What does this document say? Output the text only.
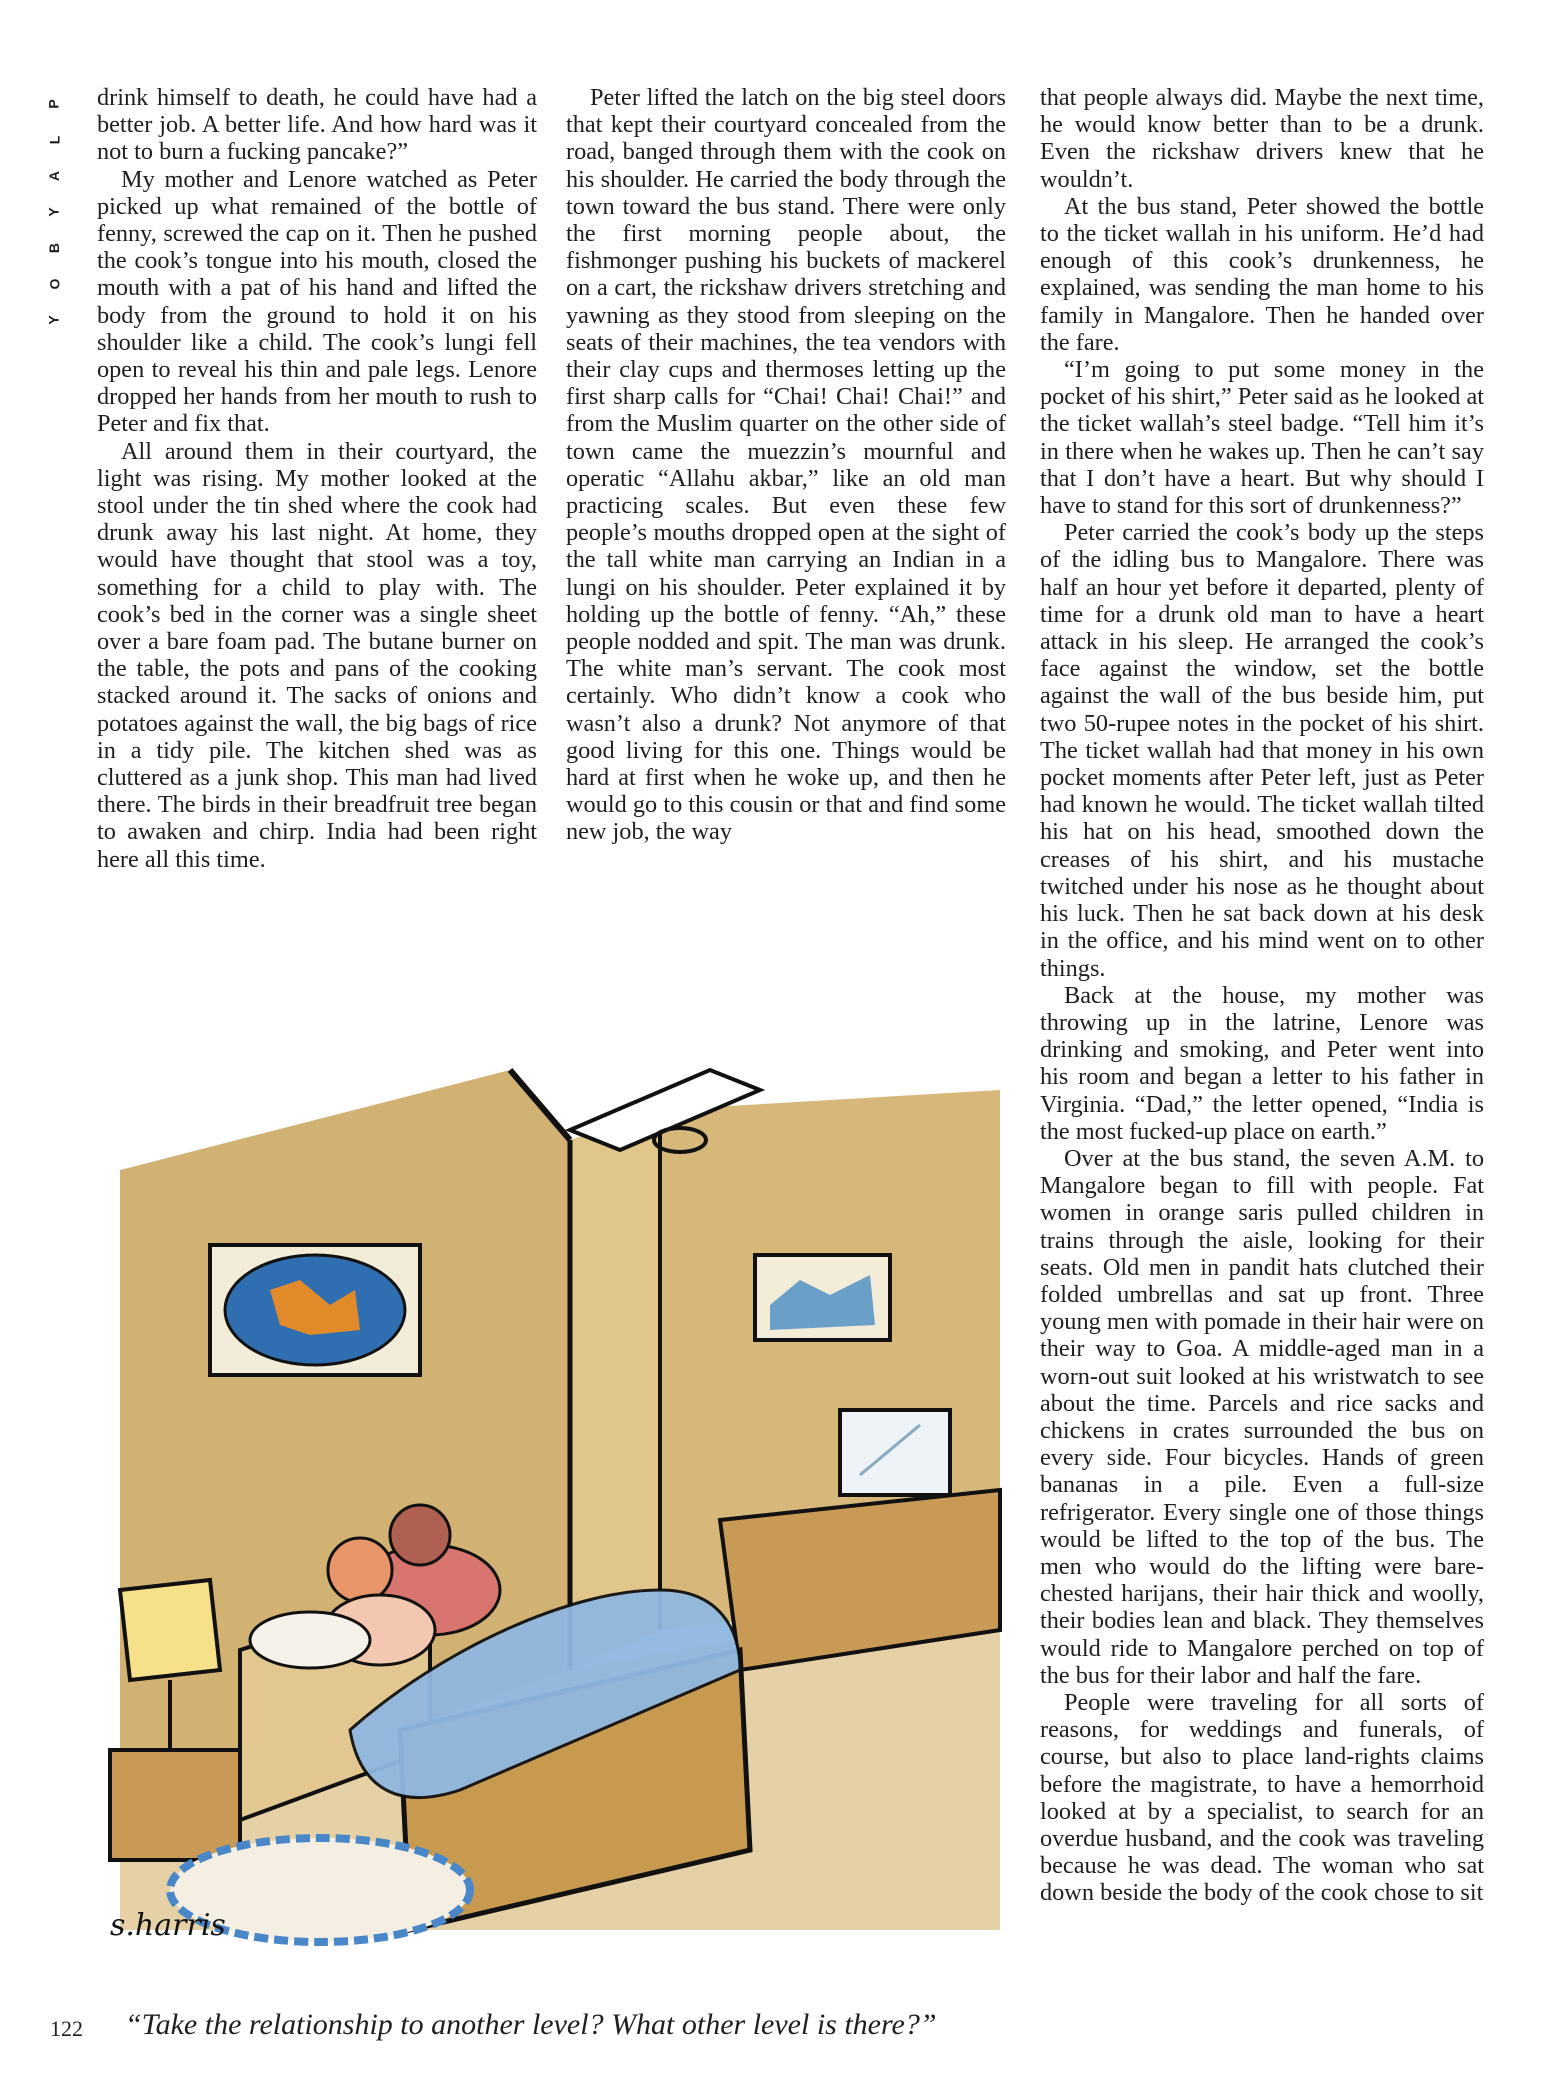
P
L
A
Y
B
O
Y

drink himself to death, he could have had a better job. A better life. And how hard was it not to burn a fucking pancake?”

My mother and Lenore watched as Peter picked up what remained of the bottle of fenny, screwed the cap on it. Then he pushed the cook’s tongue into his mouth, closed the mouth with a pat of his hand and lifted the body from the ground to hold it on his shoulder like a child. The cook’s lungi fell open to reveal his thin and pale legs. Lenore dropped her hands from her mouth to rush to Peter and fix that.

All around them in their courtyard, the light was rising. My mother looked at the stool under the tin shed where the cook had drunk away his last night. At home, they would have thought that stool was a toy, something for a child to play with. The cook’s bed in the corner was a single sheet over a bare foam pad. The butane burner on the table, the pots and pans of the cooking stacked around it. The sacks of onions and potatoes against the wall, the big bags of rice in a tidy pile. The kitchen shed was as cluttered as a junk shop. This man had lived there. The birds in their breadfruit tree began to awaken and chirp. India had been right here all this time.

Peter lifted the latch on the big steel doors that kept their courtyard concealed from the road, banged through them with the cook on his shoulder. He carried the body through the town toward the bus stand. There were only the first morning people about, the fishmonger pushing his buckets of mackerel on a cart, the rickshaw drivers stretching and yawning as they stood from sleeping on the seats of their machines, the tea vendors with their clay cups and thermoses letting up the first sharp calls for “Chai! Chai! Chai!” and from the Muslim quarter on the other side of town came the muezzin’s mournful and operatic “Allahu akbar,” like an old man practicing scales. But even these few people’s mouths dropped open at the sight of the tall white man carrying an Indian in a lungi on his shoulder. Peter explained it by holding up the bottle of fenny. “Ah,” these people nodded and spit. The man was drunk. The white man’s servant. The cook most certainly. Who didn’t know a cook who wasn’t also a drunk? Not anymore of that good living for this one. Things would be hard at first when he woke up, and then he would go to this cousin or that and find some new job, the way

that people always did. Maybe the next time, he would know better than to be a drunk. Even the rickshaw drivers knew that he wouldn’t.

At the bus stand, Peter showed the bottle to the ticket wallah in his uniform. He’d had enough of this cook’s drunkenness, he explained, was sending the man home to his family in Mangalore. Then he handed over the fare.

“I’m going to put some money in the pocket of his shirt,” Peter said as he looked at the ticket wallah’s steel badge. “Tell him it’s in there when he wakes up. Then he can’t say that I don’t have a heart. But why should I have to stand for this sort of drunkenness?”

Peter carried the cook’s body up the steps of the idling bus to Mangalore. There was half an hour yet before it departed, plenty of time for a drunk old man to have a heart attack in his sleep. He arranged the cook’s face against the window, set the bottle against the wall of the bus beside him, put two 50-rupee notes in the pocket of his shirt. The ticket wallah had that money in his own pocket moments after Peter left, just as Peter had known he would. The ticket wallah tilted his hat on his head, smoothed down the creases of his shirt, and his mustache twitched under his nose as he thought about his luck. Then he sat back down at his desk in the office, and his mind went on to other things.

Back at the house, my mother was throwing up in the latrine, Lenore was drinking and smoking, and Peter went into his room and began a letter to his father in Virginia. “Dad,” the letter opened, “India is the most fucked-up place on earth.”

Over at the bus stand, the seven A.M. to Mangalore began to fill with people. Fat women in orange saris pulled children in trains through the aisle, looking for their seats. Old men in pandit hats clutched their folded umbrellas and sat up front. Three young men with pomade in their hair were on their way to Goa. A middle-aged man in a worn-out suit looked at his wristwatch to see about the time. Parcels and rice sacks and chickens in crates surrounded the bus on every side. Four bicycles. Hands of green bananas in a pile. Even a full-size refrigerator. Every single one of those things would be lifted to the top of the bus. The men who would do the lifting were bare-chested harijans, their hair thick and woolly, their bodies lean and black. They themselves would ride to Mangalore perched on top of the bus for their labor and half the fare.

People were traveling for all sorts of reasons, for weddings and funerals, of course, but also to place land-rights claims before the magistrate, to have a hemorrhoid looked at by a specialist, to search for an overdue husband, and the cook was traveling because he was dead. The woman who sat down beside the body of the cook chose to sit

s.harris
122 “Take the relationship to another level? What other level is there?”
